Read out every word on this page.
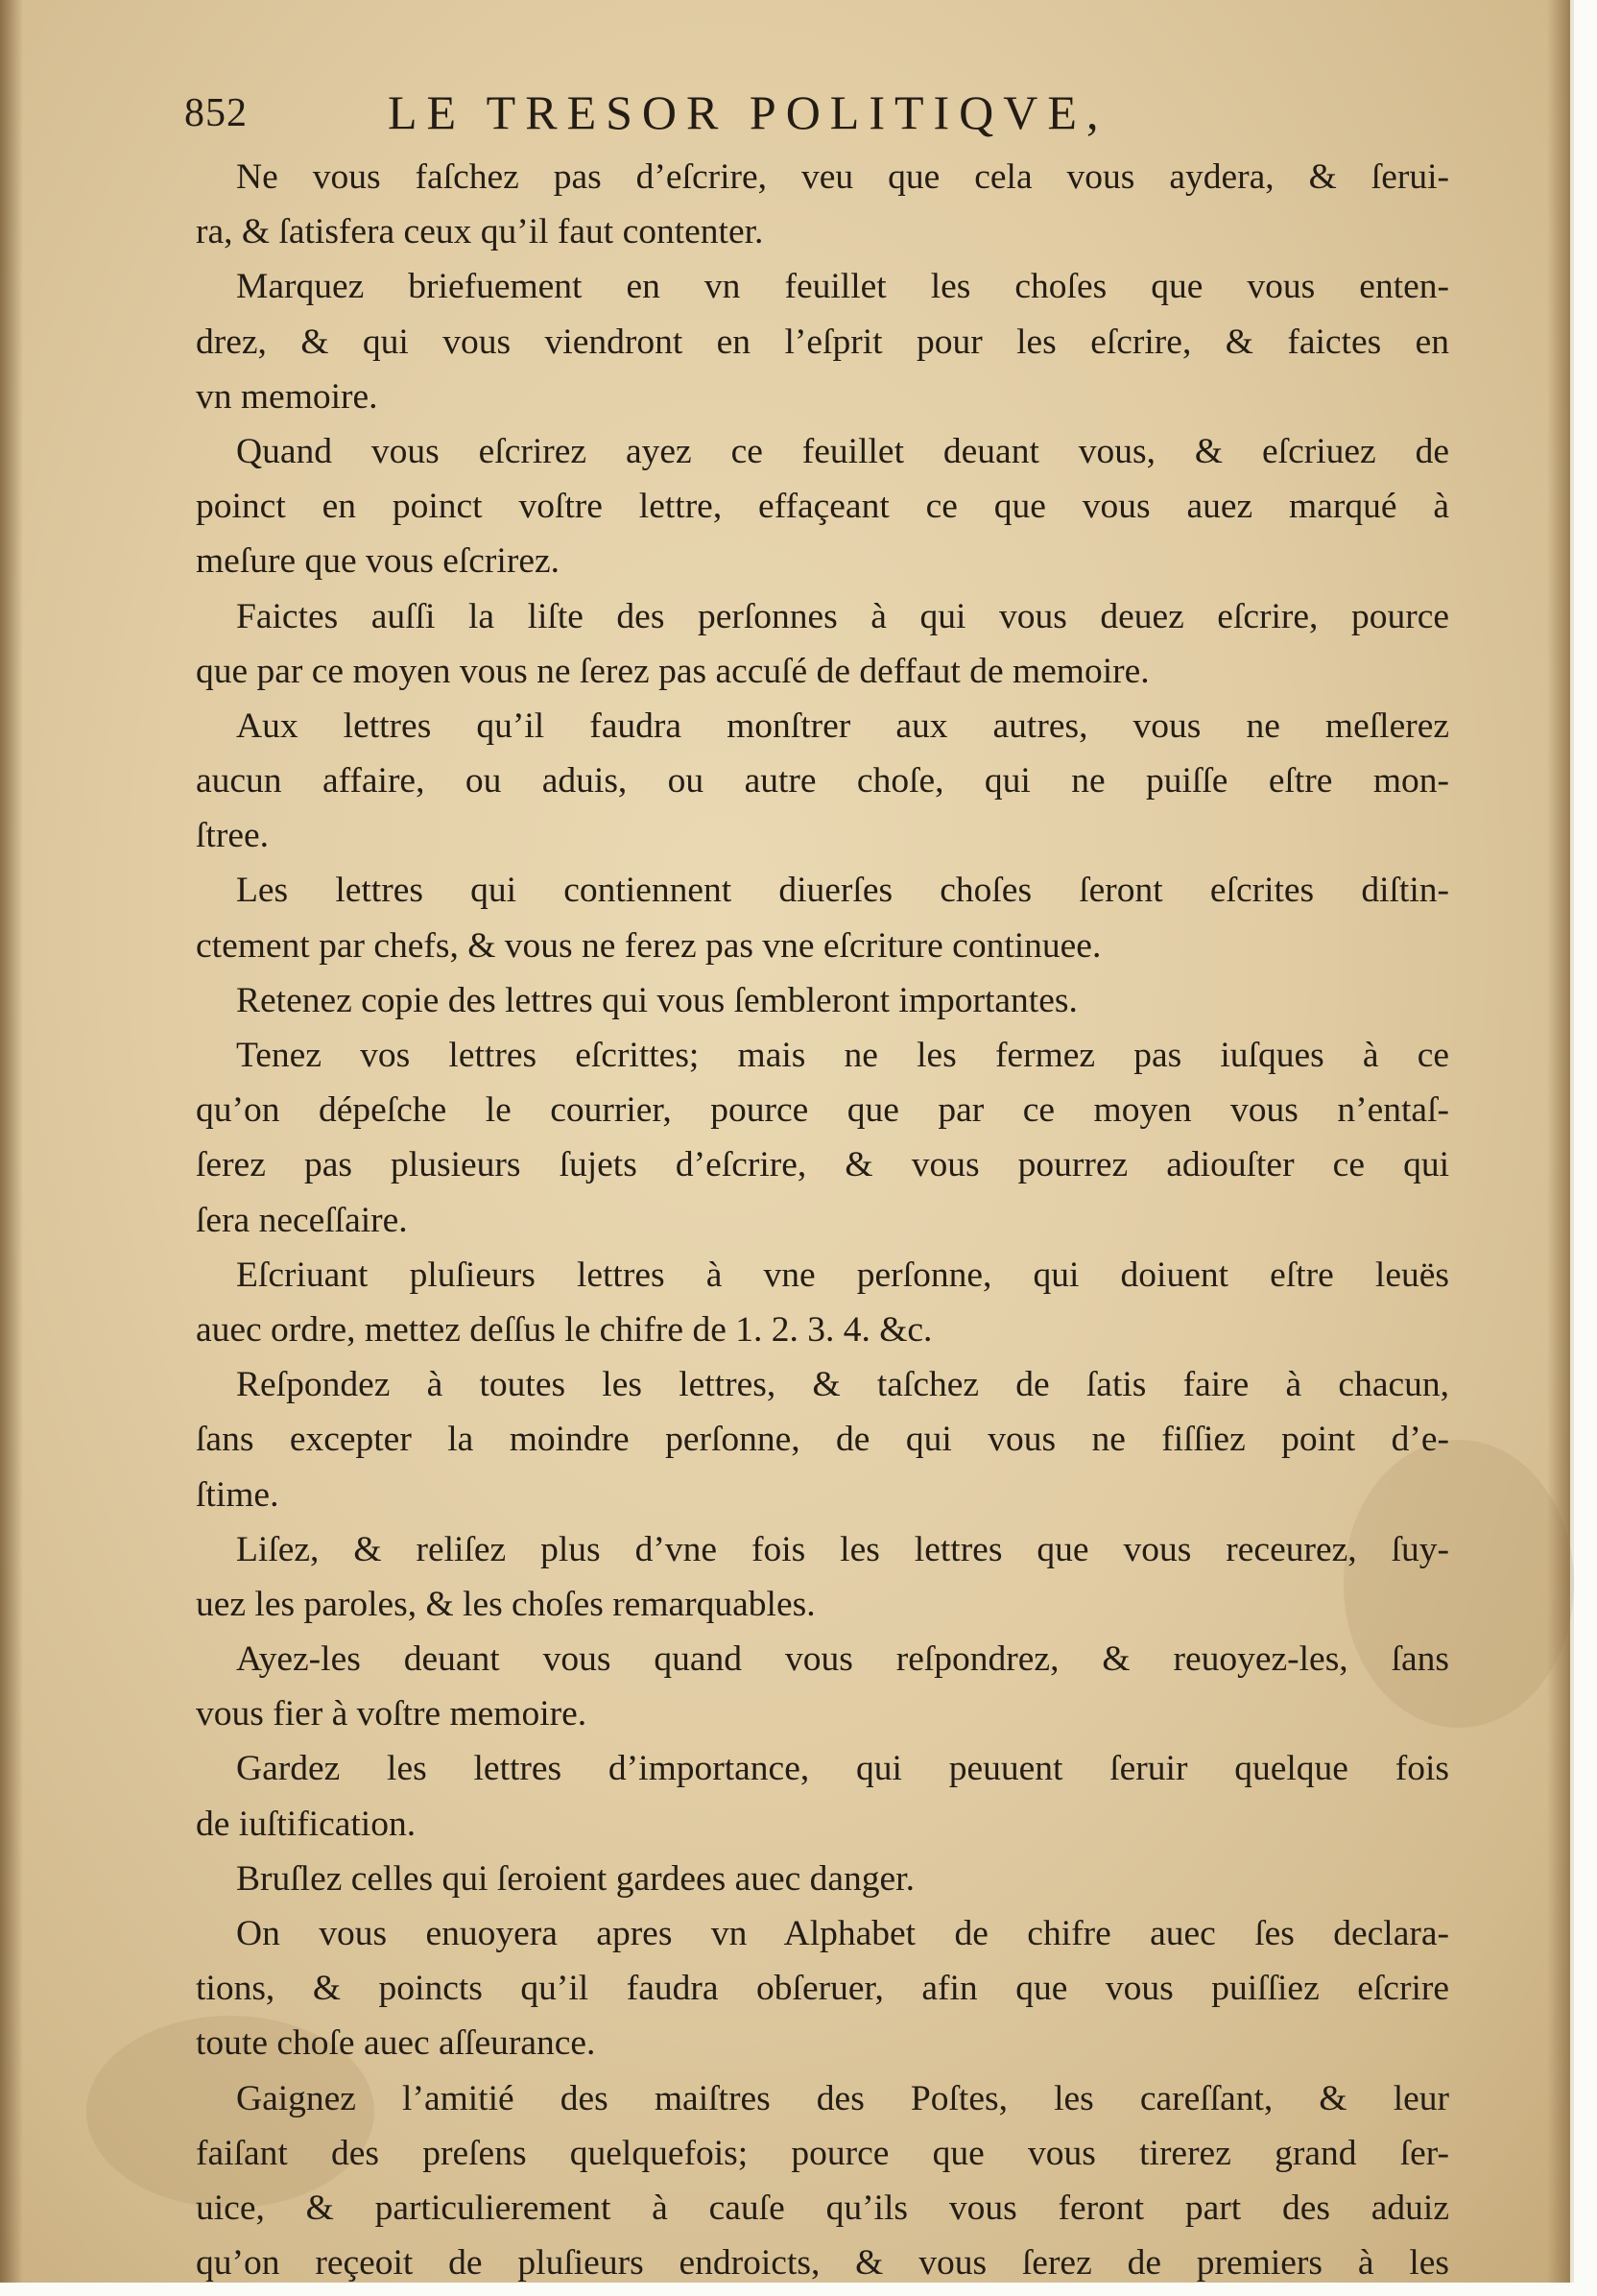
852	LE TRESOR POLITIQVE,
Ne vous faſchez pas d’eſcrire, veu que cela vous aydera, & ſerui-
ra, & ſatisfera ceux qu’il faut contenter.
Marquez briefuement en vn feuillet les choſes que vous enten-
drez, & qui vous viendront en l’eſprit pour les eſcrire, & faictes en
vn memoire.
Quand vous eſcrirez ayez ce feuillet deuant vous, & eſcriuez de
poinct en poinct voſtre lettre, effaçeant ce que vous auez marqué à
meſure que vous eſcrirez.
Faictes auſſi la liſte des perſonnes à qui vous deuez eſcrire, pource
que par ce moyen vous ne ſerez pas accuſé de deffaut de memoire.
Aux lettres qu’il faudra monſtrer aux autres, vous ne meſlerez
aucun affaire, ou aduis, ou autre choſe, qui ne puiſſe eſtre mon-
ſtree.
Les lettres qui contiennent diuerſes choſes ſeront eſcrites diſtin-
ctement par chefs, & vous ne ferez pas vne eſcriture continuee.
Retenez copie des lettres qui vous ſembleront importantes.
Tenez vos lettres eſcrittes; mais ne les fermez pas iuſques à ce
qu’on dépeſche le courrier, pource que par ce moyen vous n’entaſ-
ſerez pas plusieurs ſujets d’eſcrire, & vous pourrez adiouſter ce qui
ſera neceſſaire.
Eſcriuant pluſieurs lettres à vne perſonne, qui doiuent eſtre leuës
auec ordre, mettez deſſus le chifre de 1. 2. 3. 4. &c.
Reſpondez à toutes les lettres, & taſchez de ſatis faire à chacun,
ſans excepter la moindre perſonne, de qui vous ne fiſſiez point d’e-
ſtime.
Liſez, & reliſez plus d’vne fois les lettres que vous receurez, ſuy-
uez les paroles, & les choſes remarquables.
Ayez-les deuant vous quand vous reſpondrez, & reuoyez-les, ſans
vous fier à voſtre memoire.
Gardez les lettres d’importance, qui peuuent ſeruir quelque fois
de iuſtification.
Bruſlez celles qui ſeroient gardees auec danger.
On vous enuoyera apres vn Alphabet de chifre auec ſes declara-
tions, & poincts qu’il faudra obſeruer, afin que vous puiſſiez eſcrire
toute choſe auec aſſeurance.
Gaignez l’amitié des maiſtres des Poſtes, les careſſant, & leur
faiſant des preſens quelquefois; pource que vous tirerez grand ſer-
uice, & particulierement à cauſe qu’ils vous feront part des aduiz
qu’on reçeoit de pluſieurs endroicts, & vous ſerez de premiers à les
